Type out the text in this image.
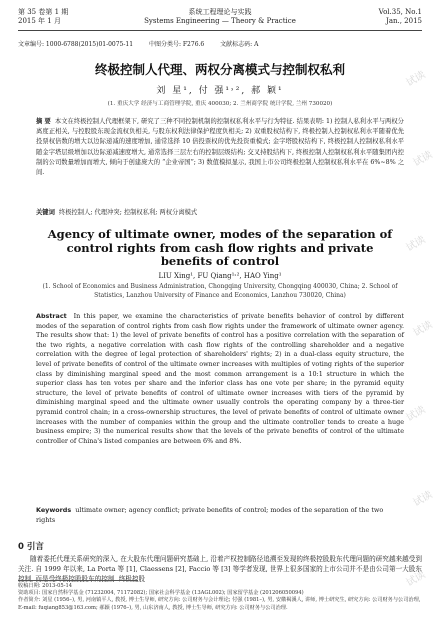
试读
试读
试读
试读
试读
试读
试读
第 35 卷第 1 期
2015 年 1 月
系统工程理论与实践
Systems Engineering — Theory & Practice
Vol.35, No.1
Jan., 2015
文章编号: 1000-6788(2015)01-0075-11	中图分类号: F276.6	文献标志码: A
终极控制人代理、两权分离模式与控制权私利
刘 星¹, 付 强¹˒², 郝 颖¹
(1. 重庆大学 经济与工商管理学院, 重庆 400030; 2. 兰州商学院 统计学院, 兰州 730020)
摘 要 本文在终极控制人代理框架下, 研究了三种不同控制机制的控制权私利水平与行为特征. 结果表明: 1) 控制人私利水平与两权分离度正相关, 与控股股东现金流权负相关, 与股东权利法律保护程度负相关; 2) 双重股权结构下, 终极控制人控制权私利水平随着优先投票权倍数的增大以边际递减的速度增加, 通常选择 10 倍投票权的优先投资重模式; 金字塔股权结构下, 终极控制人控制权私利水平随金字塔层级增加以边际递减速度增大, 通常选择三层左右的控制层级结构; 交叉持股结构下, 终极控制人控制权私利水平随集团内控制的公司数量增加而增大, 倾向于创建庞大的 “企业帝国”; 3) 数值模拟显示, 我国上市公司终极控制人控制权私利水平在 6%~8% 之间.
关键词 终极控制人; 代理冲突; 控制权私利; 两权分离模式
Agency of ultimate owner, modes of the separation of control rights from cash flow rights and private benefits of control
LIU Xing¹, FU Qiang¹˒², HAO Ying¹
(1. School of Economics and Business Administration, Chongqing University, Chongqing 400030, China; 2. School of Statistics, Lanzhou University of Finance and Economics, Lanzhou 730020, China)
Abstract In this paper, we examine the characteristics of private benefits behavior of control by different modes of the separation of control rights from cash flow rights under the framework of ultimate owner agency. The results show that: 1) the level of private benefits of control has a positive correlation with the separation of the two rights, a negative correlation with cash flow rights of the controlling shareholder and a negative correlation with the degree of legal protection of shareholders' rights; 2) in a dual-class equity structure, the level of private benefits of control of the ultimate owner increases with multiples of voting rights of the superior class by diminishing marginal speed and the most common arrangement is a 10:1 structure in which the superior class has ten votes per share and the inferior class has one vote per share; in the pyramid equity structure, the level of private benefits of control of ultimate owner increases with tiers of the pyramid by diminishing marginal speed and the ultimate owner usually controls the operating company by a three-tier pyramid control chain; in a cross-ownership structures, the level of private benefits of control of ultimate owner increases with the number of companies within the group and the ultimate controller tends to create a huge business empire; 3) the numerical results show that the levels of the private benefits of control of the ultimate controller of China's listed companies are between 6% and 8%.
Keywords ultimate owner; agency conflict; private benefits of control; modes of the separation of the two rights
0 引言
随着委托代理关系研究的深入, 在大股东代理问题研究基础上, 沿着产权控制路径追溯至发现的终极控股股东代理问题的研究越来越受到关注. 自 1999 年以来, La Porta 等 [1], Claessens [2], Faccio 等 [3] 等学者发现, 世界上很多国家的上市公司并不是由公司第一大股东控制, 而是受终极控股股东的控制. 终极控股
收稿日期: 2013-05-14
资助项目: 国家自然科学基金 (71232004, 71172082); 国家社会科学基金 (13AGL002); 国家留学基金 (201206050094)
作者简介: 刘星 (1956–), 男, 河南镇平人, 教授, 博士生导师, 研究方向: 公司财务与会计理论; 付强 (1981–), 男, 安徽褐溪人, 讲师, 博士研究生, 研究方向: 公司财务与公司治理, E-mail: fuqiang853@163.com; 郝颖 (1976–), 男, 山东济南人, 教授, 博士生导师, 研究方向: 公司财务与公司治理.
